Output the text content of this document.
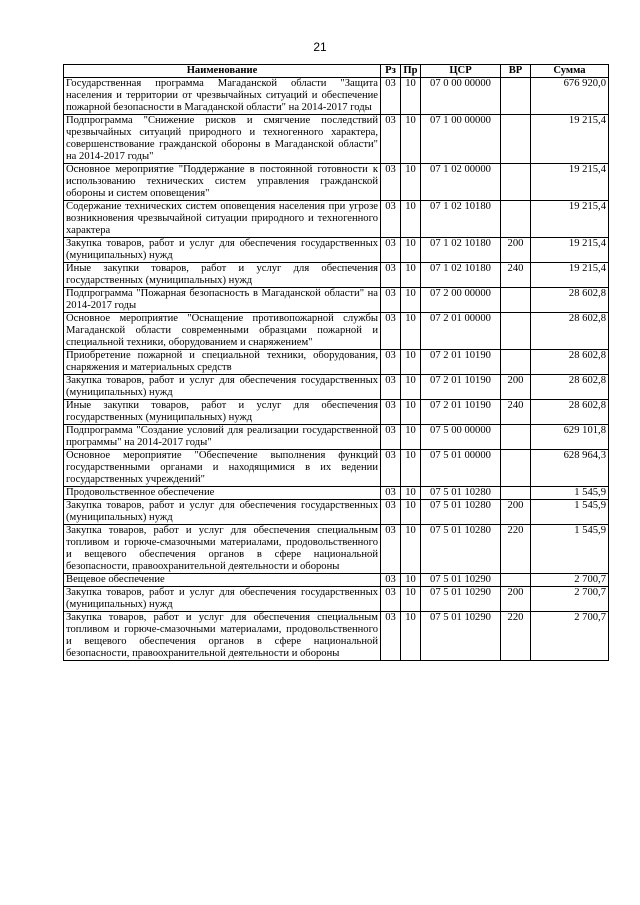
21
Наименование	Рз	Пр	ЦСР	ВР	Сумма
Государственная программа Магаданской области "Защита населения и территории от чрезвычайных ситуаций и обеспечение пожарной безопасности в Магаданской области" на 2014-2017 годы	03	10	07 0 00 00000		676 920,0
Подпрограмма "Снижение рисков и смягчение последствий чрезвычайных ситуаций природного и техногенного характера, совершенствование гражданской обороны в Магаданской области" на 2014-2017 годы"	03	10	07 1 00 00000		19 215,4
Основное мероприятие "Поддержание в постоянной готовности к использованию технических систем управления гражданской обороны и систем оповещения"	03	10	07 1 02 00000		19 215,4
Содержание технических систем оповещения населения при угрозе возникновения чрезвычайной ситуации природного и техногенного характера	03	10	07 1 02 10180		19 215,4
Закупка товаров, работ и услуг для обеспечения государственных (муниципальных) нужд	03	10	07 1 02 10180	200	19 215,4
Иные закупки товаров, работ и услуг для обеспечения государственных (муниципальных) нужд	03	10	07 1 02 10180	240	19 215,4
Подпрограмма "Пожарная безопасность в Магаданской области" на 2014-2017 годы	03	10	07 2 00 00000		28 602,8
Основное мероприятие "Оснащение противопожарной службы Магаданской области современными образцами пожарной и специальной техники, оборудованием и снаряжением"	03	10	07 2 01 00000		28 602,8
Приобретение пожарной и специальной техники, оборудования, снаряжения и материальных средств	03	10	07 2 01 10190		28 602,8
Закупка товаров, работ и услуг для обеспечения государственных (муниципальных) нужд	03	10	07 2 01 10190	200	28 602,8
Иные закупки товаров, работ и услуг для обеспечения государственных (муниципальных) нужд	03	10	07 2 01 10190	240	28 602,8
Подпрограмма "Создание условий для реализации государственной программы" на 2014-2017 годы"	03	10	07 5 00 00000		629 101,8
Основное мероприятие "Обеспечение выполнения функций государственными органами и находящимися в их ведении государственных учреждений"	03	10	07 5 01 00000		628 964,3
Продовольственное обеспечение	03	10	07 5 01 10280		1 545,9
Закупка товаров, работ и услуг для обеспечения государственных (муниципальных) нужд	03	10	07 5 01 10280	200	1 545,9
Закупка товаров, работ и услуг для обеспечения специальным топливом и горюче-смазочными материалами, продовольственного и вещевого обеспечения органов в сфере национальной безопасности, правоохранительной деятельности и обороны	03	10	07 5 01 10280	220	1 545,9
Вещевое обеспечение	03	10	07 5 01 10290		2 700,7
Закупка товаров, работ и услуг для обеспечения государственных (муниципальных) нужд	03	10	07 5 01 10290	200	2 700,7
Закупка товаров, работ и услуг для обеспечения специальным топливом и горюче-смазочными материалами, продовольственного и вещевого обеспечения органов в сфере национальной безопасности, правоохранительной деятельности и обороны	03	10	07 5 01 10290	220	2 700,7
